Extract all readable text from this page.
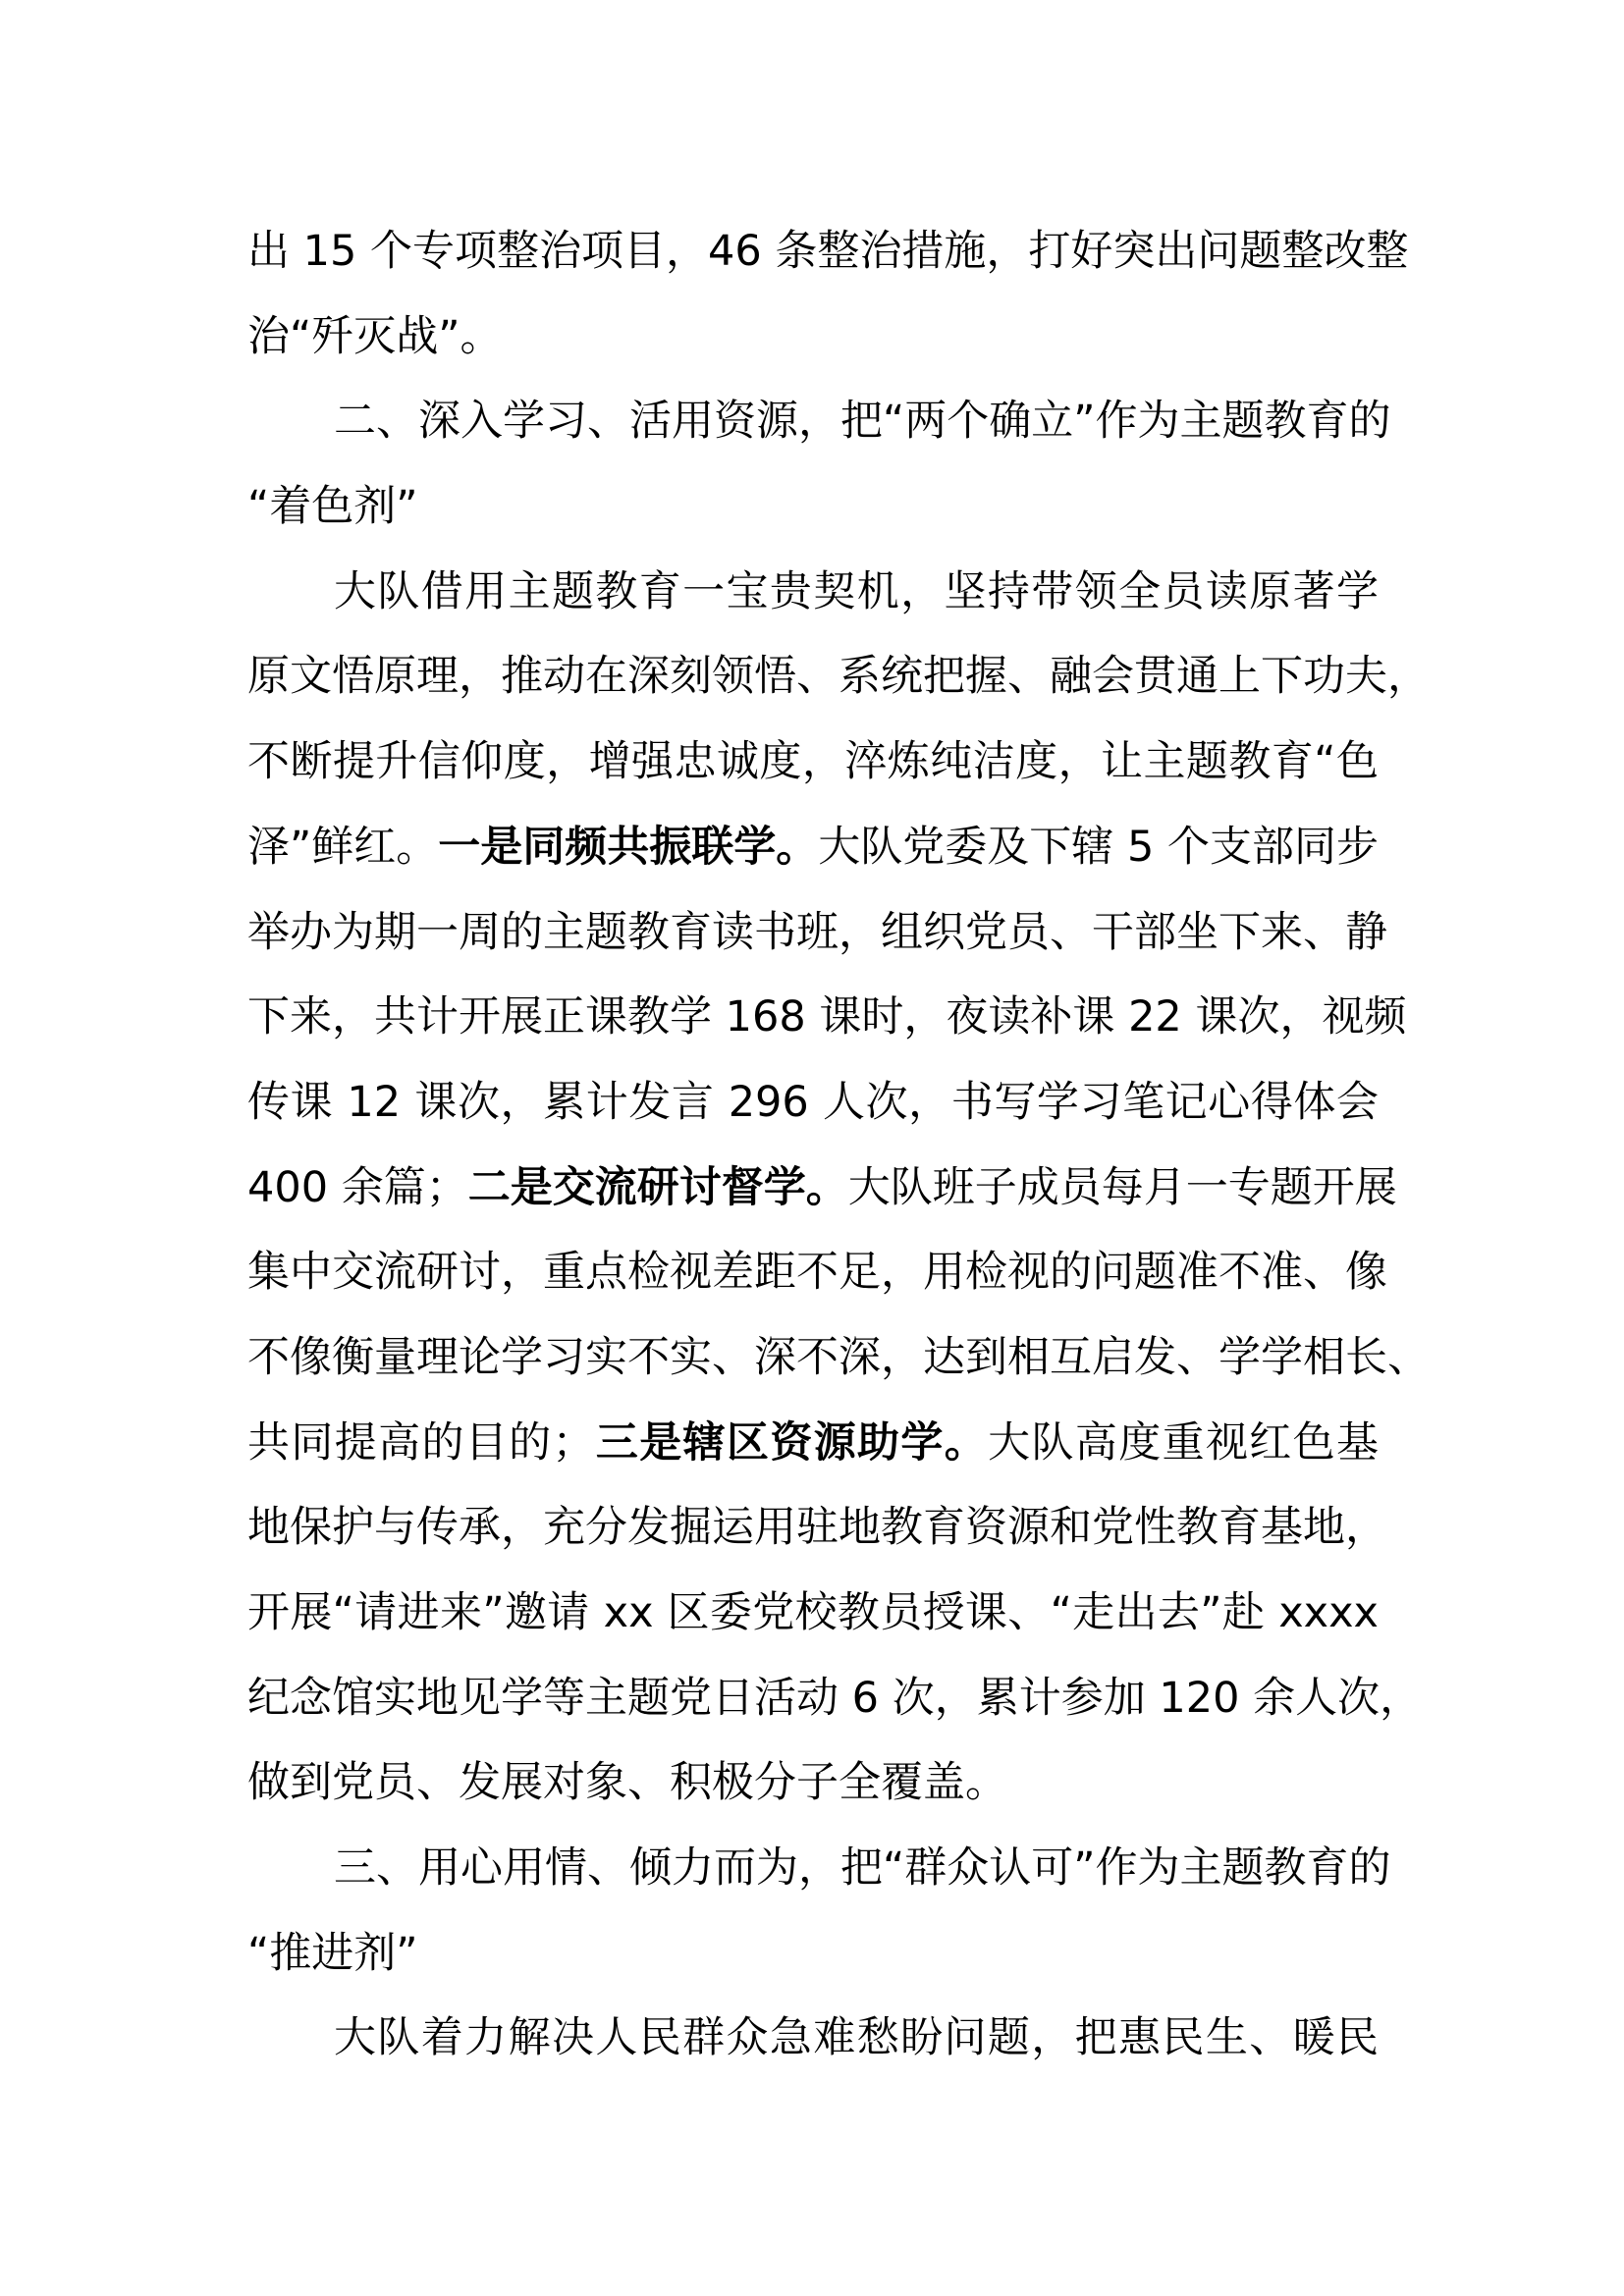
出 15 个专项整治项目，46 条整治措施，打好突出问题整改整
治“歼灭战”。
二、深入学习、活用资源，把“两个确立”作为主题教育的
“着色剂”
大队借用主题教育一宝贵契机，坚持带领全员读原著学
原文悟原理，推动在深刻领悟、系统把握、融会贯通上下功夫，
不断提升信仰度，增强忠诚度，淬炼纯洁度，让主题教育“色
泽”鲜红。一是同频共振联学。大队党委及下辖 5 个支部同步
举办为期一周的主题教育读书班，组织党员、干部坐下来、静
下来，共计开展正课教学 168 课时，夜读补课 22 课次，视频
传课 12 课次，累计发言 296 人次，书写学习笔记心得体会
400 余篇；二是交流研讨督学。大队班子成员每月一专题开展
集中交流研讨，重点检视差距不足，用检视的问题准不准、像
不像衡量理论学习实不实、深不深，达到相互启发、学学相长、
共同提高的目的；三是辖区资源助学。大队高度重视红色基
地保护与传承，充分发掘运用驻地教育资源和党性教育基地，
开展“请进来”邀请 xx 区委党校教员授课、“走出去”赴 xxxx
纪念馆实地见学等主题党日活动 6 次，累计参加 120 余人次，
做到党员、发展对象、积极分子全覆盖。
三、用心用情、倾力而为，把“群众认可”作为主题教育的
“推进剂”
大队着力解决人民群众急难愁盼问题，把惠民生、暖民
